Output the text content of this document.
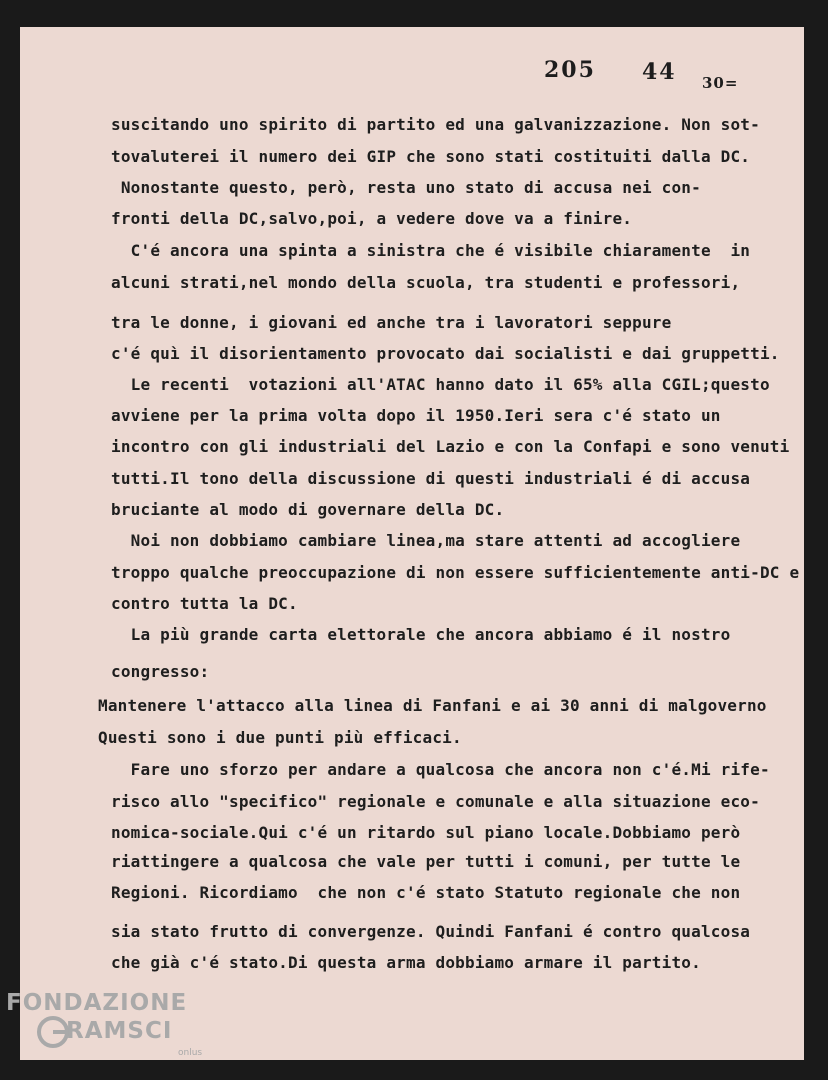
205 44 30=
suscitando uno spirito di partito ed una galvanizzazione. Non sot-
tovaluterei il numero dei GIP che sono stati costituiti dalla DC.
Nonostante questo, però, resta uno stato di accusa nei con-
fronti della DC,salvo,poi, a vedere dove va a finire.
C'é ancora una spinta a sinistra che é visibile chiaramente  in
alcuni strati,nel mondo della scuola, tra studenti e professori,
tra le donne, i giovani ed anche tra i lavoratori seppure
c'é quì il disorientamento provocato dai socialisti e dai gruppetti.
Le recenti  votazioni all'ATAC hanno dato il 65% alla CGIL;questo
avviene per la prima volta dopo il 1950.Ieri sera c'é stato un
incontro con gli industriali del Lazio e con la Confapi e sono venuti
tutti.Il tono della discussione di questi industriali é di accusa
bruciante al modo di governare della DC.
Noi non dobbiamo cambiare linea,ma stare attenti ad accogliere
troppo qualche preoccupazione di non essere sufficientemente anti-DC e
contro tutta la DC.
La più grande carta elettorale che ancora abbiamo é il nostro
congresso:
Mantenere l'attacco alla linea di Fanfani e ai 30 anni di malgoverno
Questi sono i due punti più efficaci.
Fare uno sforzo per andare a qualcosa che ancora non c'é.Mi rife-
risco allo "specifico" regionale e comunale e alla situazione eco-
nomica-sociale.Qui c'é un ritardo sul piano locale.Dobbiamo però
riattingere a qualcosa che vale per tutti i comuni, per tutte le
Regioni. Ricordiamo  che non c'é stato Statuto regionale che non
sia stato frutto di convergenze. Quindi Fanfani é contro qualcosa
che già c'é stato.Di questa arma dobbiamo armare il partito.
FONDAZIONE
RAMSCI
onlus
